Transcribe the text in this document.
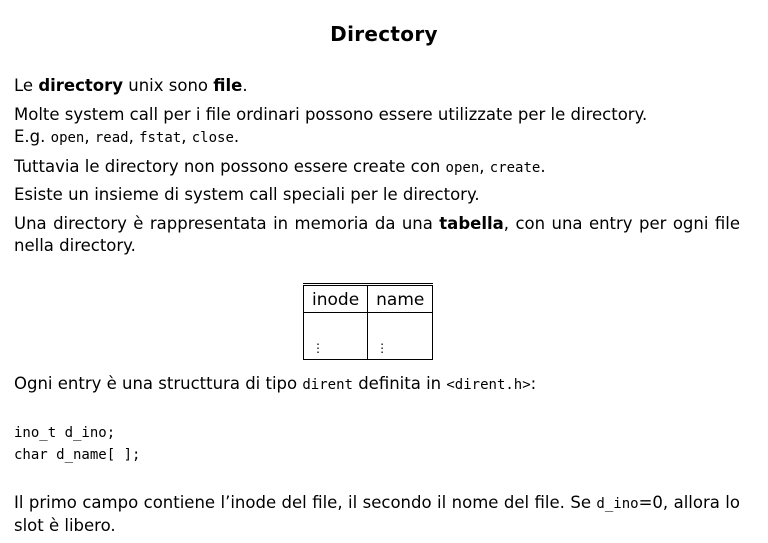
Directory

Le directory unix sono file.

Molte system call per i file ordinari possono essere utilizzate per le directory.
E.g. open, read, fstat, close.

Tuttavia le directory non possono essere create con open, create.

Esiste un insieme di system call speciali per le directory.

Una directory è rappresentata in memoria da una tabella, con una entry per ogni file nella directory.

inode	name
⋮	⋮

Ogni entry è una structtura di tipo dirent definita in <dirent.h>:

ino_t d_ino;
char d_name[ ];

Il primo campo contiene l’inode del file, il secondo il nome del file. Se d_ino=0, allora lo slot è libero.
